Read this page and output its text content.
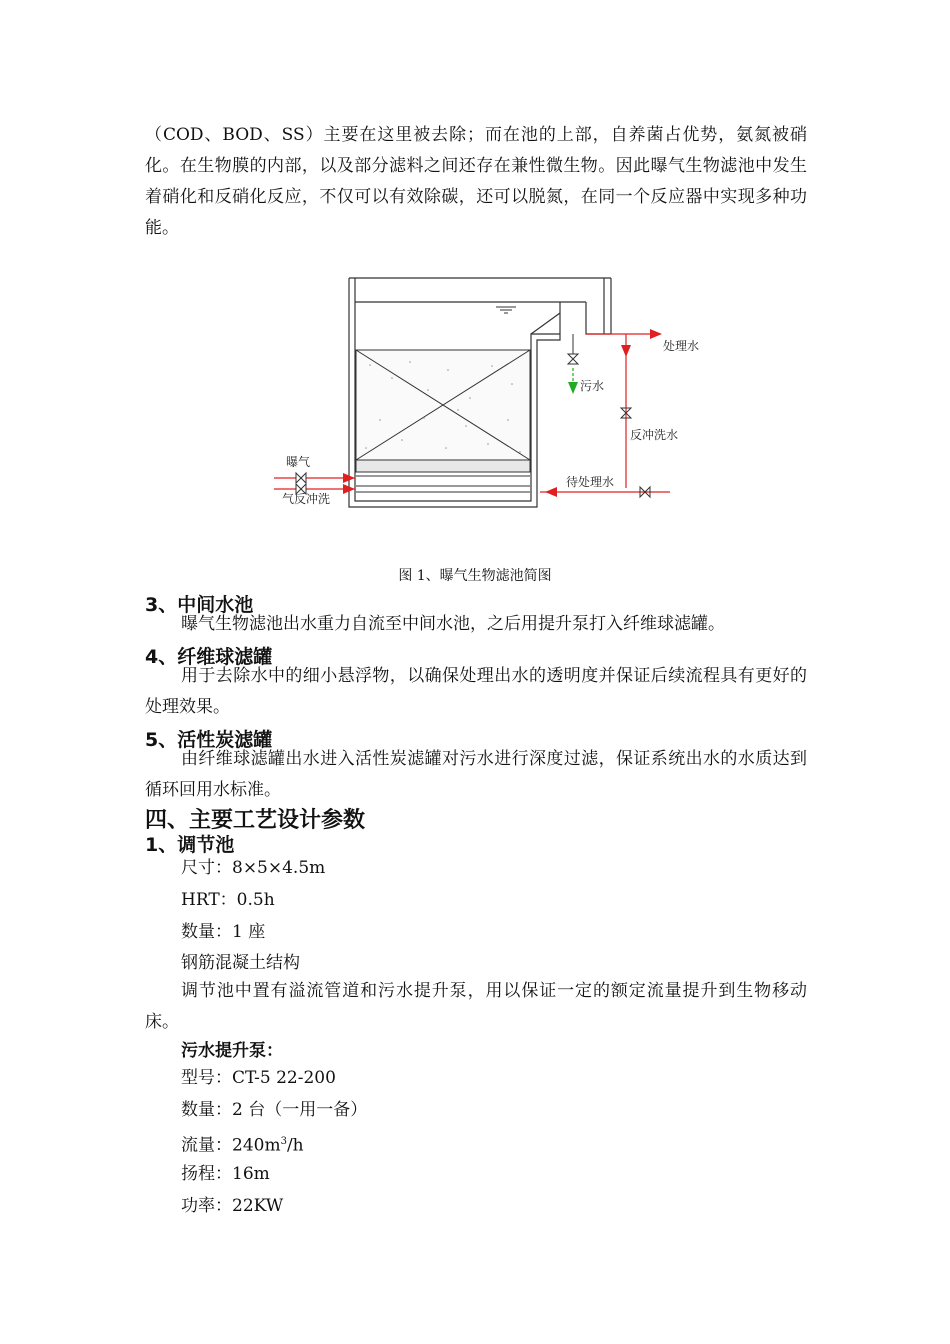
（COD、BOD、SS）主要在这里被去除；而在池的上部，自养菌占优势，氨氮被硝化。在生物膜的内部，以及部分滤料之间还存在兼性微生物。因此曝气生物滤池中发生着硝化和反硝化反应，不仅可以有效除碳，还可以脱氮，在同一个反应器中实现多种功能。
处理水
反冲洗水
待处理水
污水
曝气
气反冲洗
图 1、曝气生物滤池简图
3、中间水池
曝气生物滤池出水重力自流至中间水池，之后用提升泵打入纤维球滤罐。
4、纤维球滤罐
用于去除水中的细小悬浮物，以确保处理出水的透明度并保证后续流程具有更好的处理效果。
5、活性炭滤罐
由纤维球滤罐出水进入活性炭滤罐对污水进行深度过滤，保证系统出水的水质达到循环回用水标准。
四、主要工艺设计参数
1、调节池
尺寸：8×5×4.5m
HRT：0.5h
数量：1 座
钢筋混凝土结构
调节池中置有溢流管道和污水提升泵，用以保证一定的额定流量提升到生物移动床。
污水提升泵：
型号：CT-5 22-200
数量：2 台（一用一备）
流量：$240m^3/h$
扬程：16m
功率：22KW
